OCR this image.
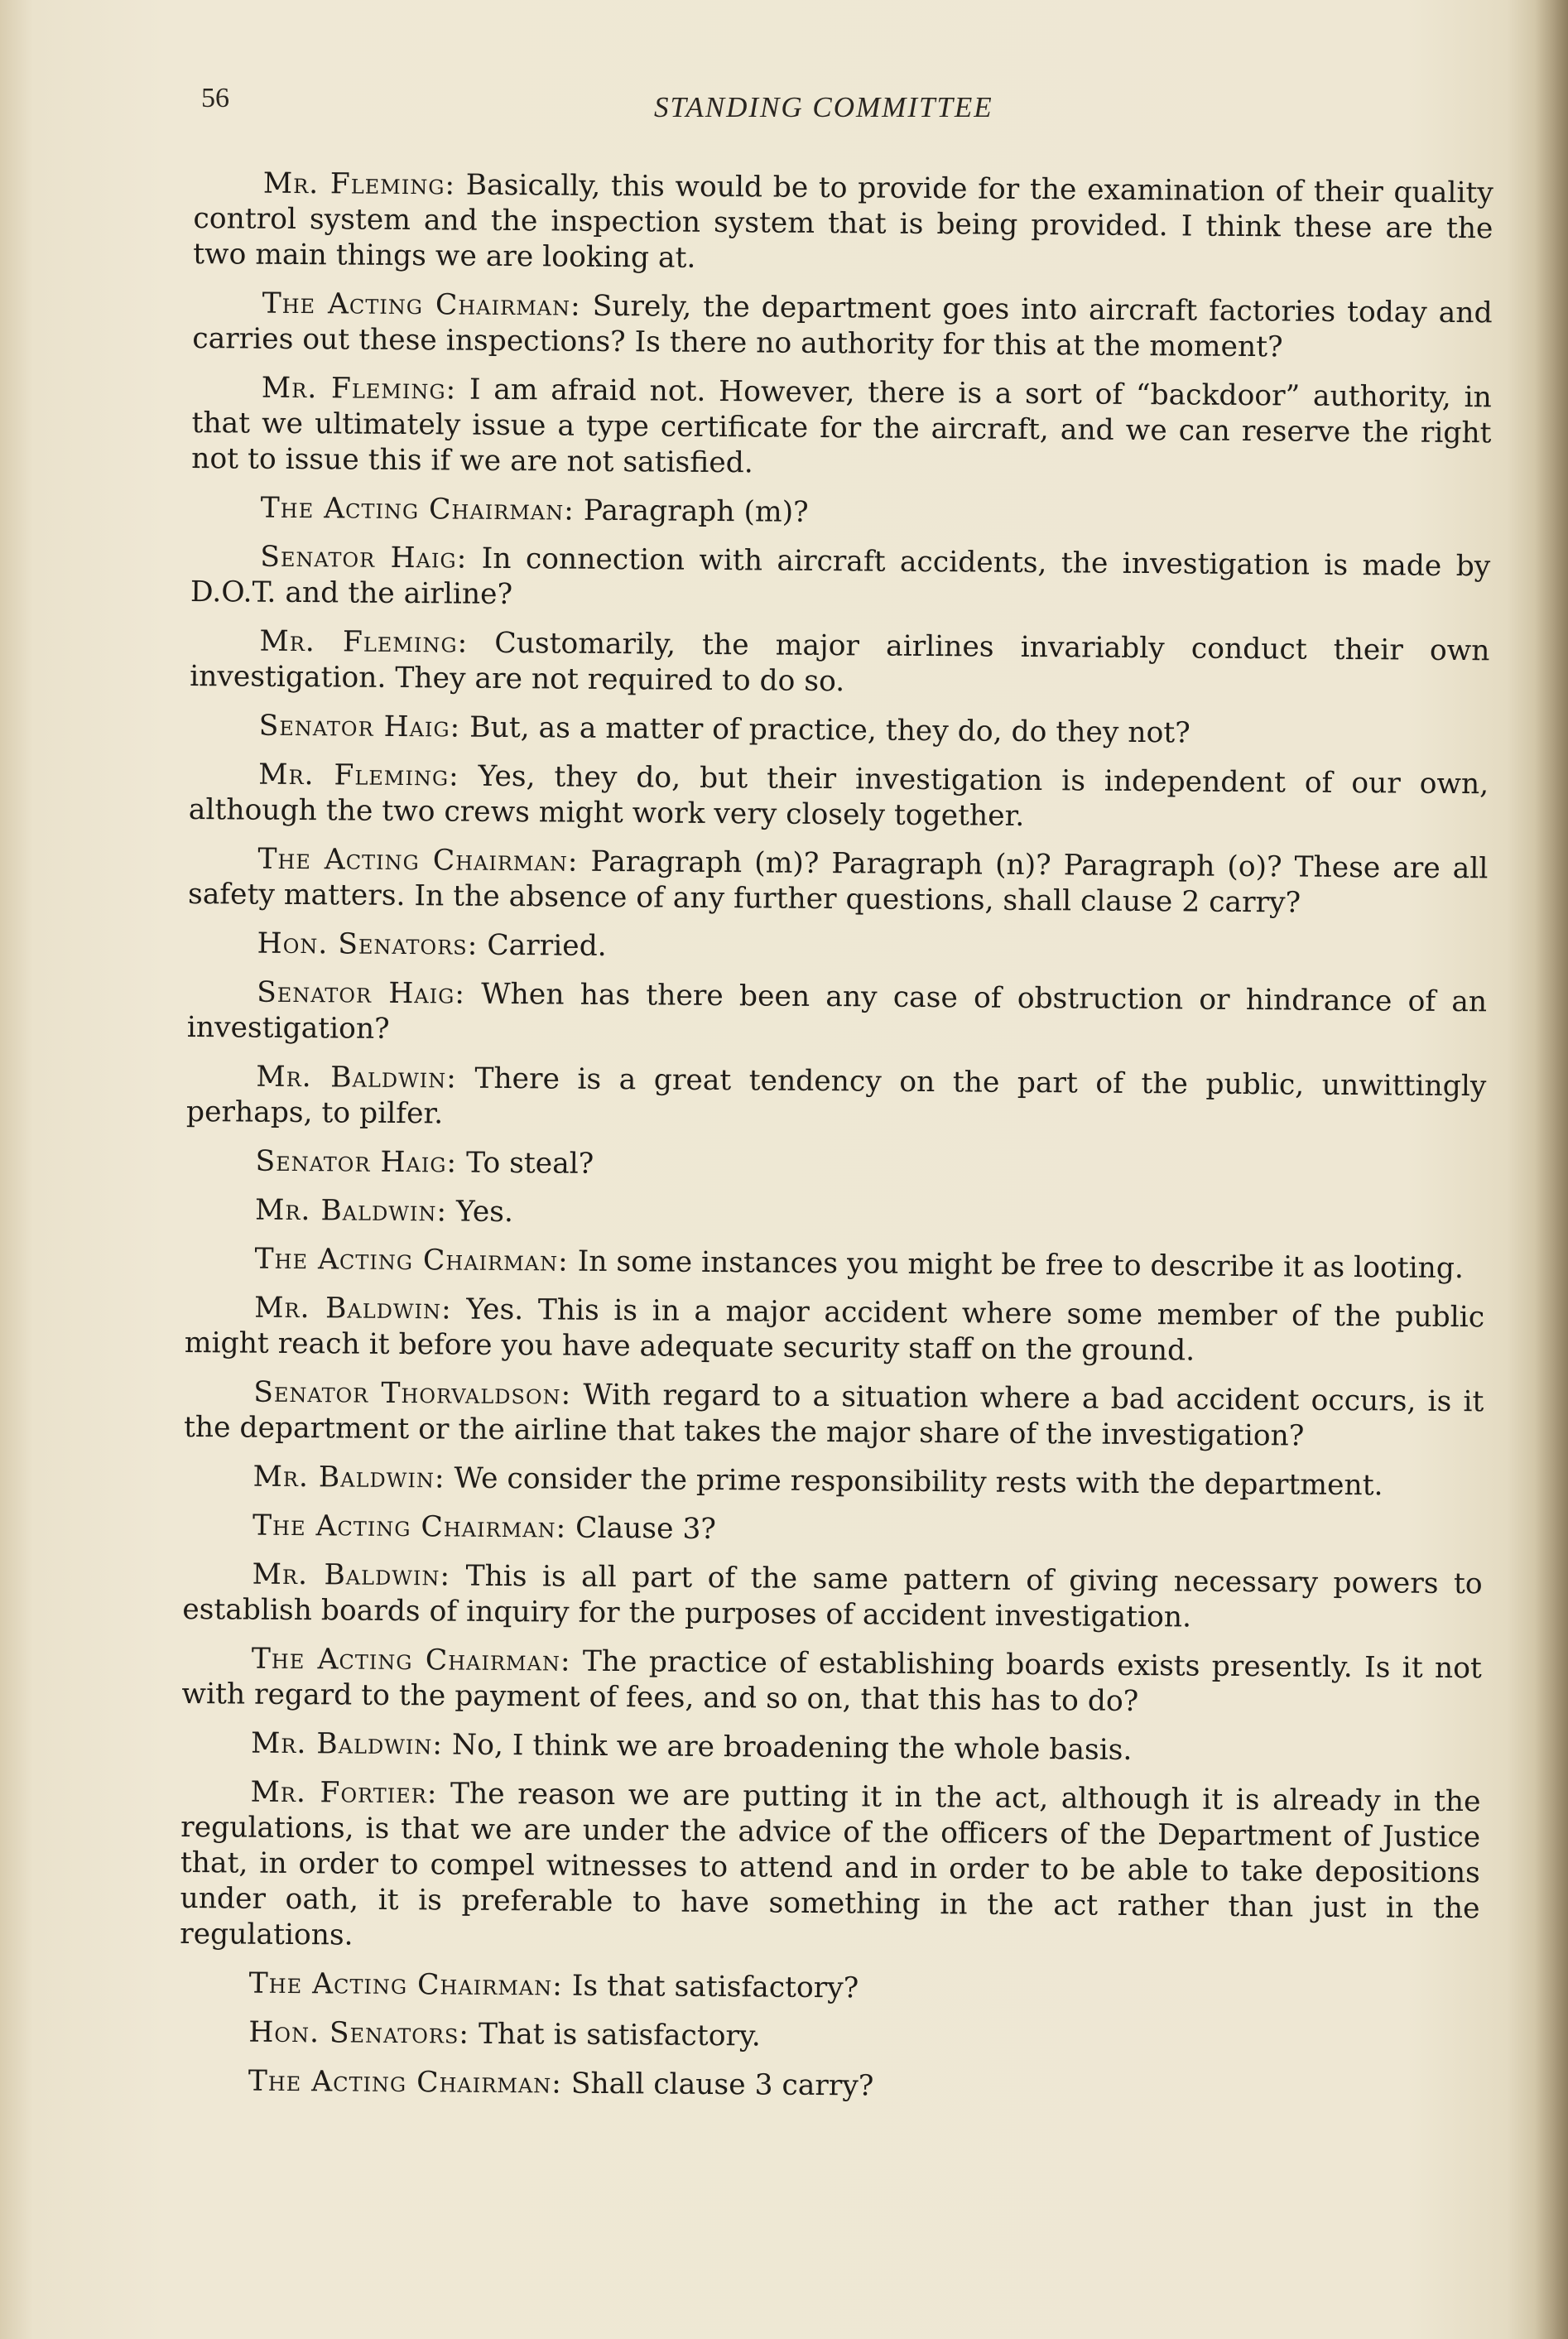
56	STANDING COMMITTEE

Mr. Fleming: Basically, this would be to provide for the examination of their quality control system and the inspection system that is being provided. I think these are the two main things we are looking at.

The Acting Chairman: Surely, the department goes into aircraft factories today and carries out these inspections? Is there no authority for this at the moment?

Mr. Fleming: I am afraid not. However, there is a sort of “backdoor” authority, in that we ultimately issue a type certificate for the aircraft, and we can reserve the right not to issue this if we are not satisfied.

The Acting Chairman: Paragraph (m)?

Senator Haig: In connection with aircraft accidents, the investigation is made by D.O.T. and the airline?

Mr. Fleming: Customarily, the major airlines invariably conduct their own investigation. They are not required to do so.

Senator Haig: But, as a matter of practice, they do, do they not?

Mr. Fleming: Yes, they do, but their investigation is independent of our own, although the two crews might work very closely together.

The Acting Chairman: Paragraph (m)? Paragraph (n)? Paragraph (o)? These are all safety matters. In the absence of any further questions, shall clause 2 carry?

Hon. Senators: Carried.

Senator Haig: When has there been any case of obstruction or hindrance of an investigation?

Mr. Baldwin: There is a great tendency on the part of the public, unwittingly perhaps, to pilfer.

Senator Haig: To steal?

Mr. Baldwin: Yes.

The Acting Chairman: In some instances you might be free to describe it as looting.

Mr. Baldwin: Yes. This is in a major accident where some member of the public might reach it before you have adequate security staff on the ground.

Senator Thorvaldson: With regard to a situation where a bad accident occurs, is it the department or the airline that takes the major share of the investigation?

Mr. Baldwin: We consider the prime responsibility rests with the department.

The Acting Chairman: Clause 3?

Mr. Baldwin: This is all part of the same pattern of giving necessary powers to establish boards of inquiry for the purposes of accident investigation.

The Acting Chairman: The practice of establishing boards exists presently. Is it not with regard to the payment of fees, and so on, that this has to do?

Mr. Baldwin: No, I think we are broadening the whole basis.

Mr. Fortier: The reason we are putting it in the act, although it is already in the regulations, is that we are under the advice of the officers of the Department of Justice that, in order to compel witnesses to attend and in order to be able to take depositions under oath, it is preferable to have something in the act rather than just in the regulations.

The Acting Chairman: Is that satisfactory?

Hon. Senators: That is satisfactory.

The Acting Chairman: Shall clause 3 carry?
